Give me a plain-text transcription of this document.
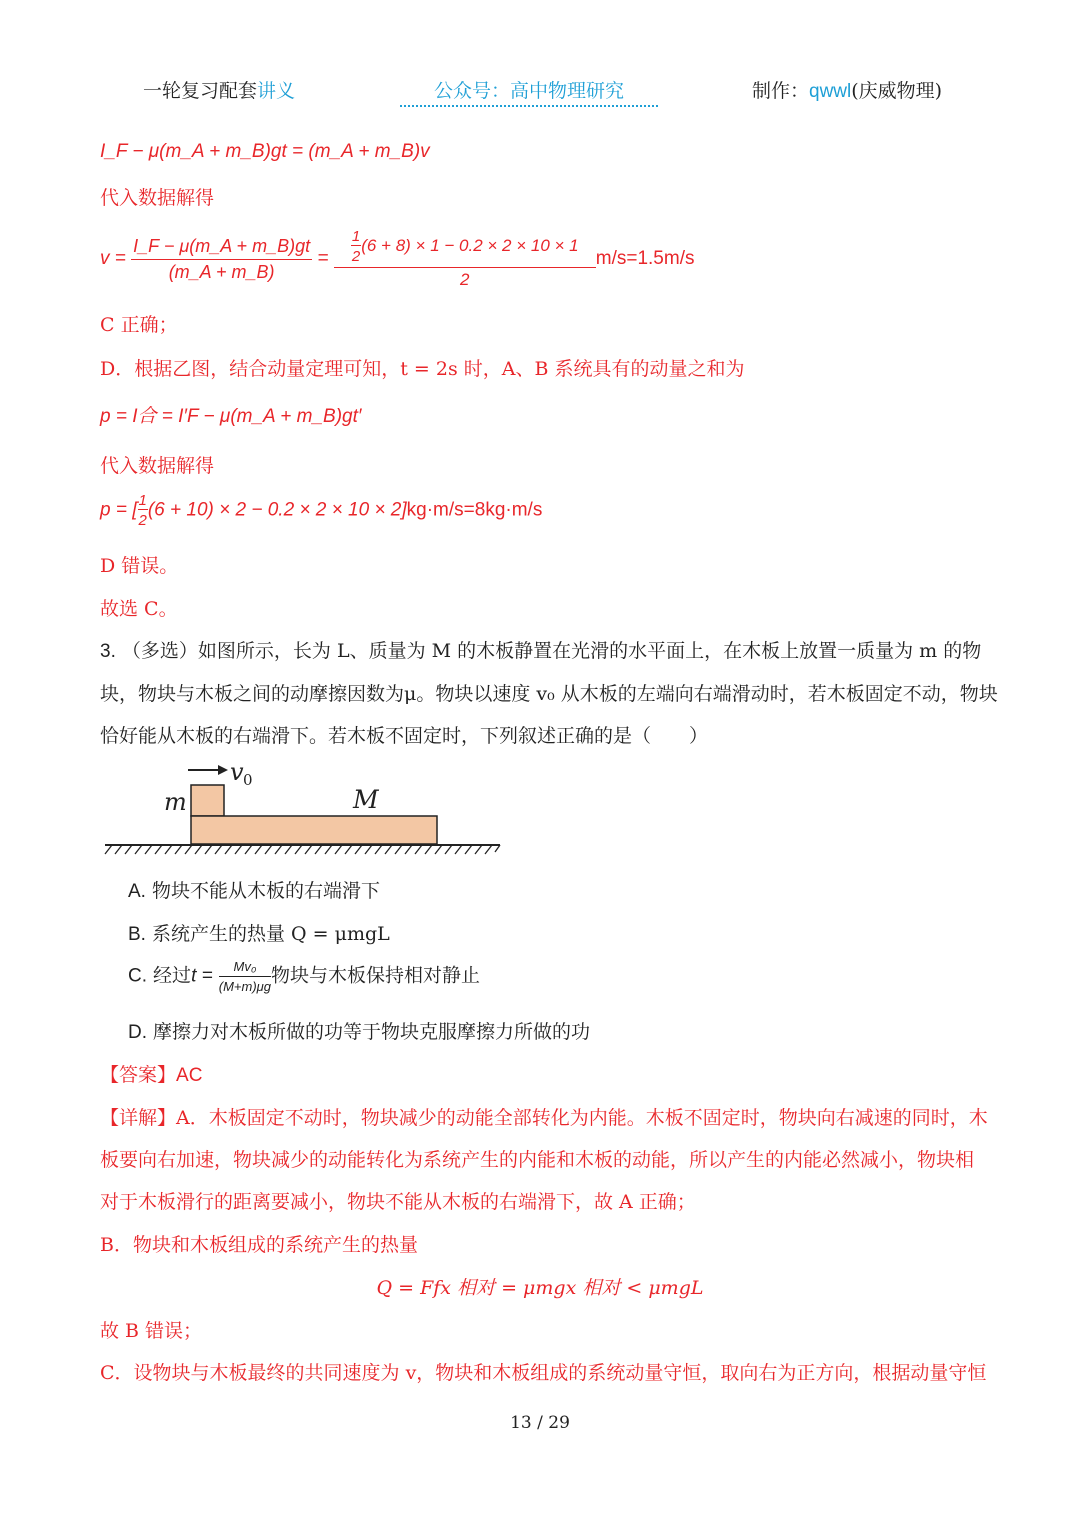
一轮复习配套讲义	公众号：高中物理研究	制作：qwwl(庆威物理)
I_F − μ(m_A + m_B)gt = (m_A + m_B)v
代入数据解得
$v = \frac{I\_F - \mu(m\_A + m\_B)gt}{(m\_A + m\_B)} = \frac{\frac{1}{2} (6 + 8) \times 1 - 0.2 \times 2 \times 10 \times 1}{2} m/s=1.5m/s$
C 正确；
D．根据乙图，结合动量定理可知，t = 2s 时，A、B 系统具有的动量之和为
p = I合 = I′F − μ(m_A + m_B)gt′
代入数据解得
p = [ $\frac{1}{2} (6 + 10) \times 2 - 0.2 \times 2 \times 10 \times 2]kg\cdot m/s=8kg\cdot m/s$
D 错误。
故选 C。
3. （多选）如图所示，长为 L、质量为 M 的木板静置在光滑的水平面上，在木板上放置一质量为 m 的物
块，物块与木板之间的动摩擦因数为μ。物块以速度 v₀ 从木板的左端向右端滑动时，若木板固定不动，物块
恰好能从木板的右端滑下。若木板不固定时，下列叙述正确的是（　　）
v 0
m	M
A. 物块不能从木板的右端滑下
B. 系统产生的热量 Q = μmgL
C. 经过$t = \frac{\text{Mv₀}}{(M+m)\mu g}$ 物块与木板保持相对静止
D. 摩擦力对木板所做的功等于物块克服摩擦力所做的功
【答案】AC
【详解】A．木板固定不动时，物块减少的动能全部转化为内能。木板不固定时，物块向右减速的同时，木
板要向右加速，物块减少的动能转化为系统产生的内能和木板的动能，所以产生的内能必然减小，物块相
对于木板滑行的距离要减小，物块不能从木板的右端滑下，故 A 正确；
B．物块和木板组成的系统产生的热量
Q = Ffx 相对 = μmgx 相对 < μmgL
故 B 错误；
C．设物块与木板最终的共同速度为 v，物块和木板组成的系统动量守恒，取向右为正方向，根据动量守恒
13 / 29
